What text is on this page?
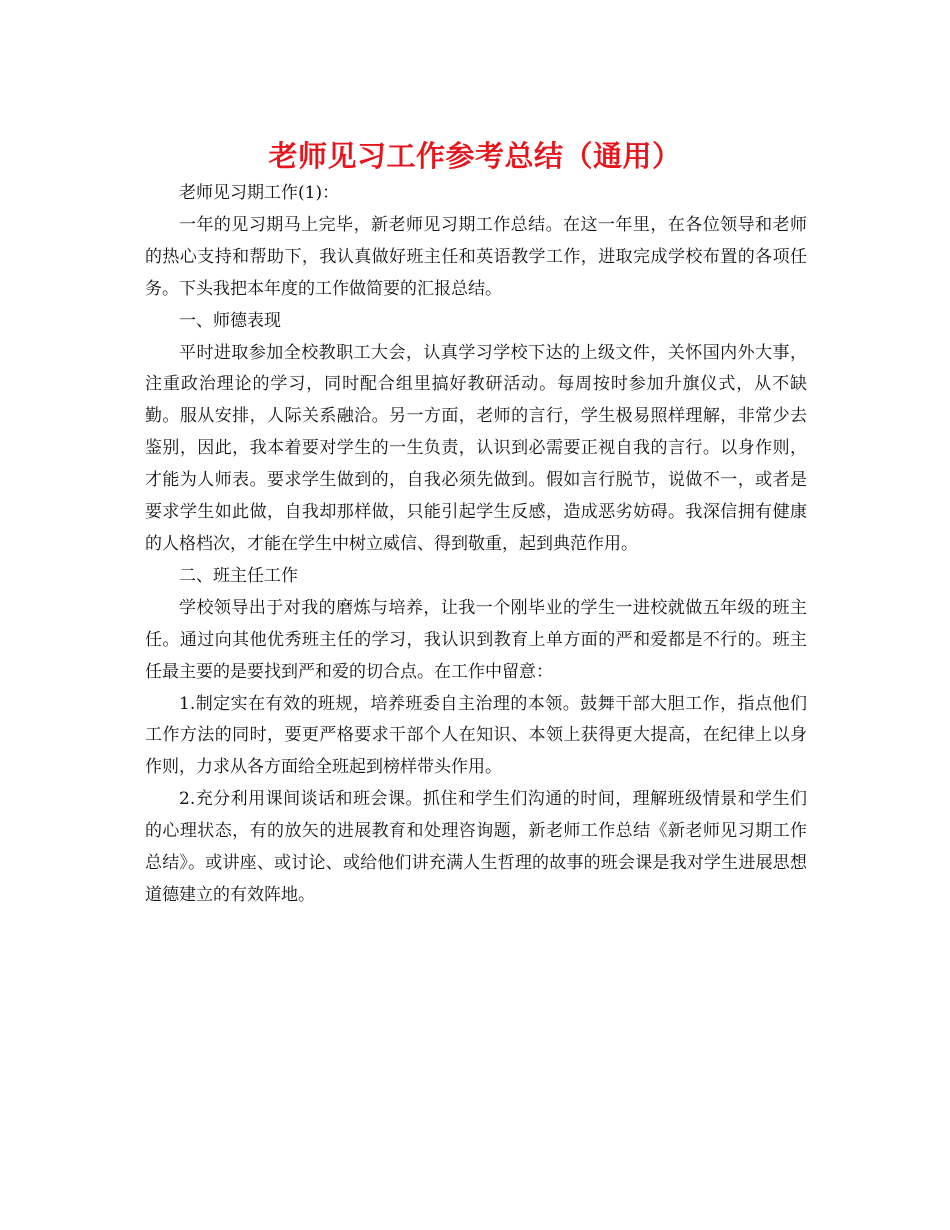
老师见习工作参考总结（通用）

老师见习期工作(1)：

一年的见习期马上完毕，新老师见习期工作总结。在这一年里，在各位领导和老师的热心支持和帮助下，我认真做好班主任和英语教学工作，进取完成学校布置的各项任务。下头我把本年度的工作做简要的汇报总结。

一、师德表现

平时进取参加全校教职工大会，认真学习学校下达的上级文件，关怀国内外大事，注重政治理论的学习，同时配合组里搞好教研活动。每周按时参加升旗仪式，从不缺勤。服从安排，人际关系融洽。另一方面，老师的言行，学生极易照样理解，非常少去鉴别，因此，我本着要对学生的一生负责，认识到必需要正视自我的言行。以身作则，才能为人师表。要求学生做到的，自我必须先做到。假如言行脱节，说做不一，或者是要求学生如此做，自我却那样做，只能引起学生反感，造成恶劣妨碍。我深信拥有健康的人格档次，才能在学生中树立威信、得到敬重，起到典范作用。

二、班主任工作

学校领导出于对我的磨炼与培养，让我一个刚毕业的学生一进校就做五年级的班主任。通过向其他优秀班主任的学习，我认识到教育上单方面的严和爱都是不行的。班主任最主要的是要找到严和爱的切合点。在工作中留意：

1.制定实在有效的班规，培养班委自主治理的本领。鼓舞干部大胆工作，指点他们工作方法的同时，要更严格要求干部个人在知识、本领上获得更大提高，在纪律上以身作则，力求从各方面给全班起到榜样带头作用。

2.充分利用课间谈话和班会课。抓住和学生们沟通的时间，理解班级情景和学生们的心理状态，有的放矢的进展教育和处理咨询题，新老师工作总结《新老师见习期工作总结》。或讲座、或讨论、或给他们讲充满人生哲理的故事的班会课是我对学生进展思想道德建立的有效阵地。
